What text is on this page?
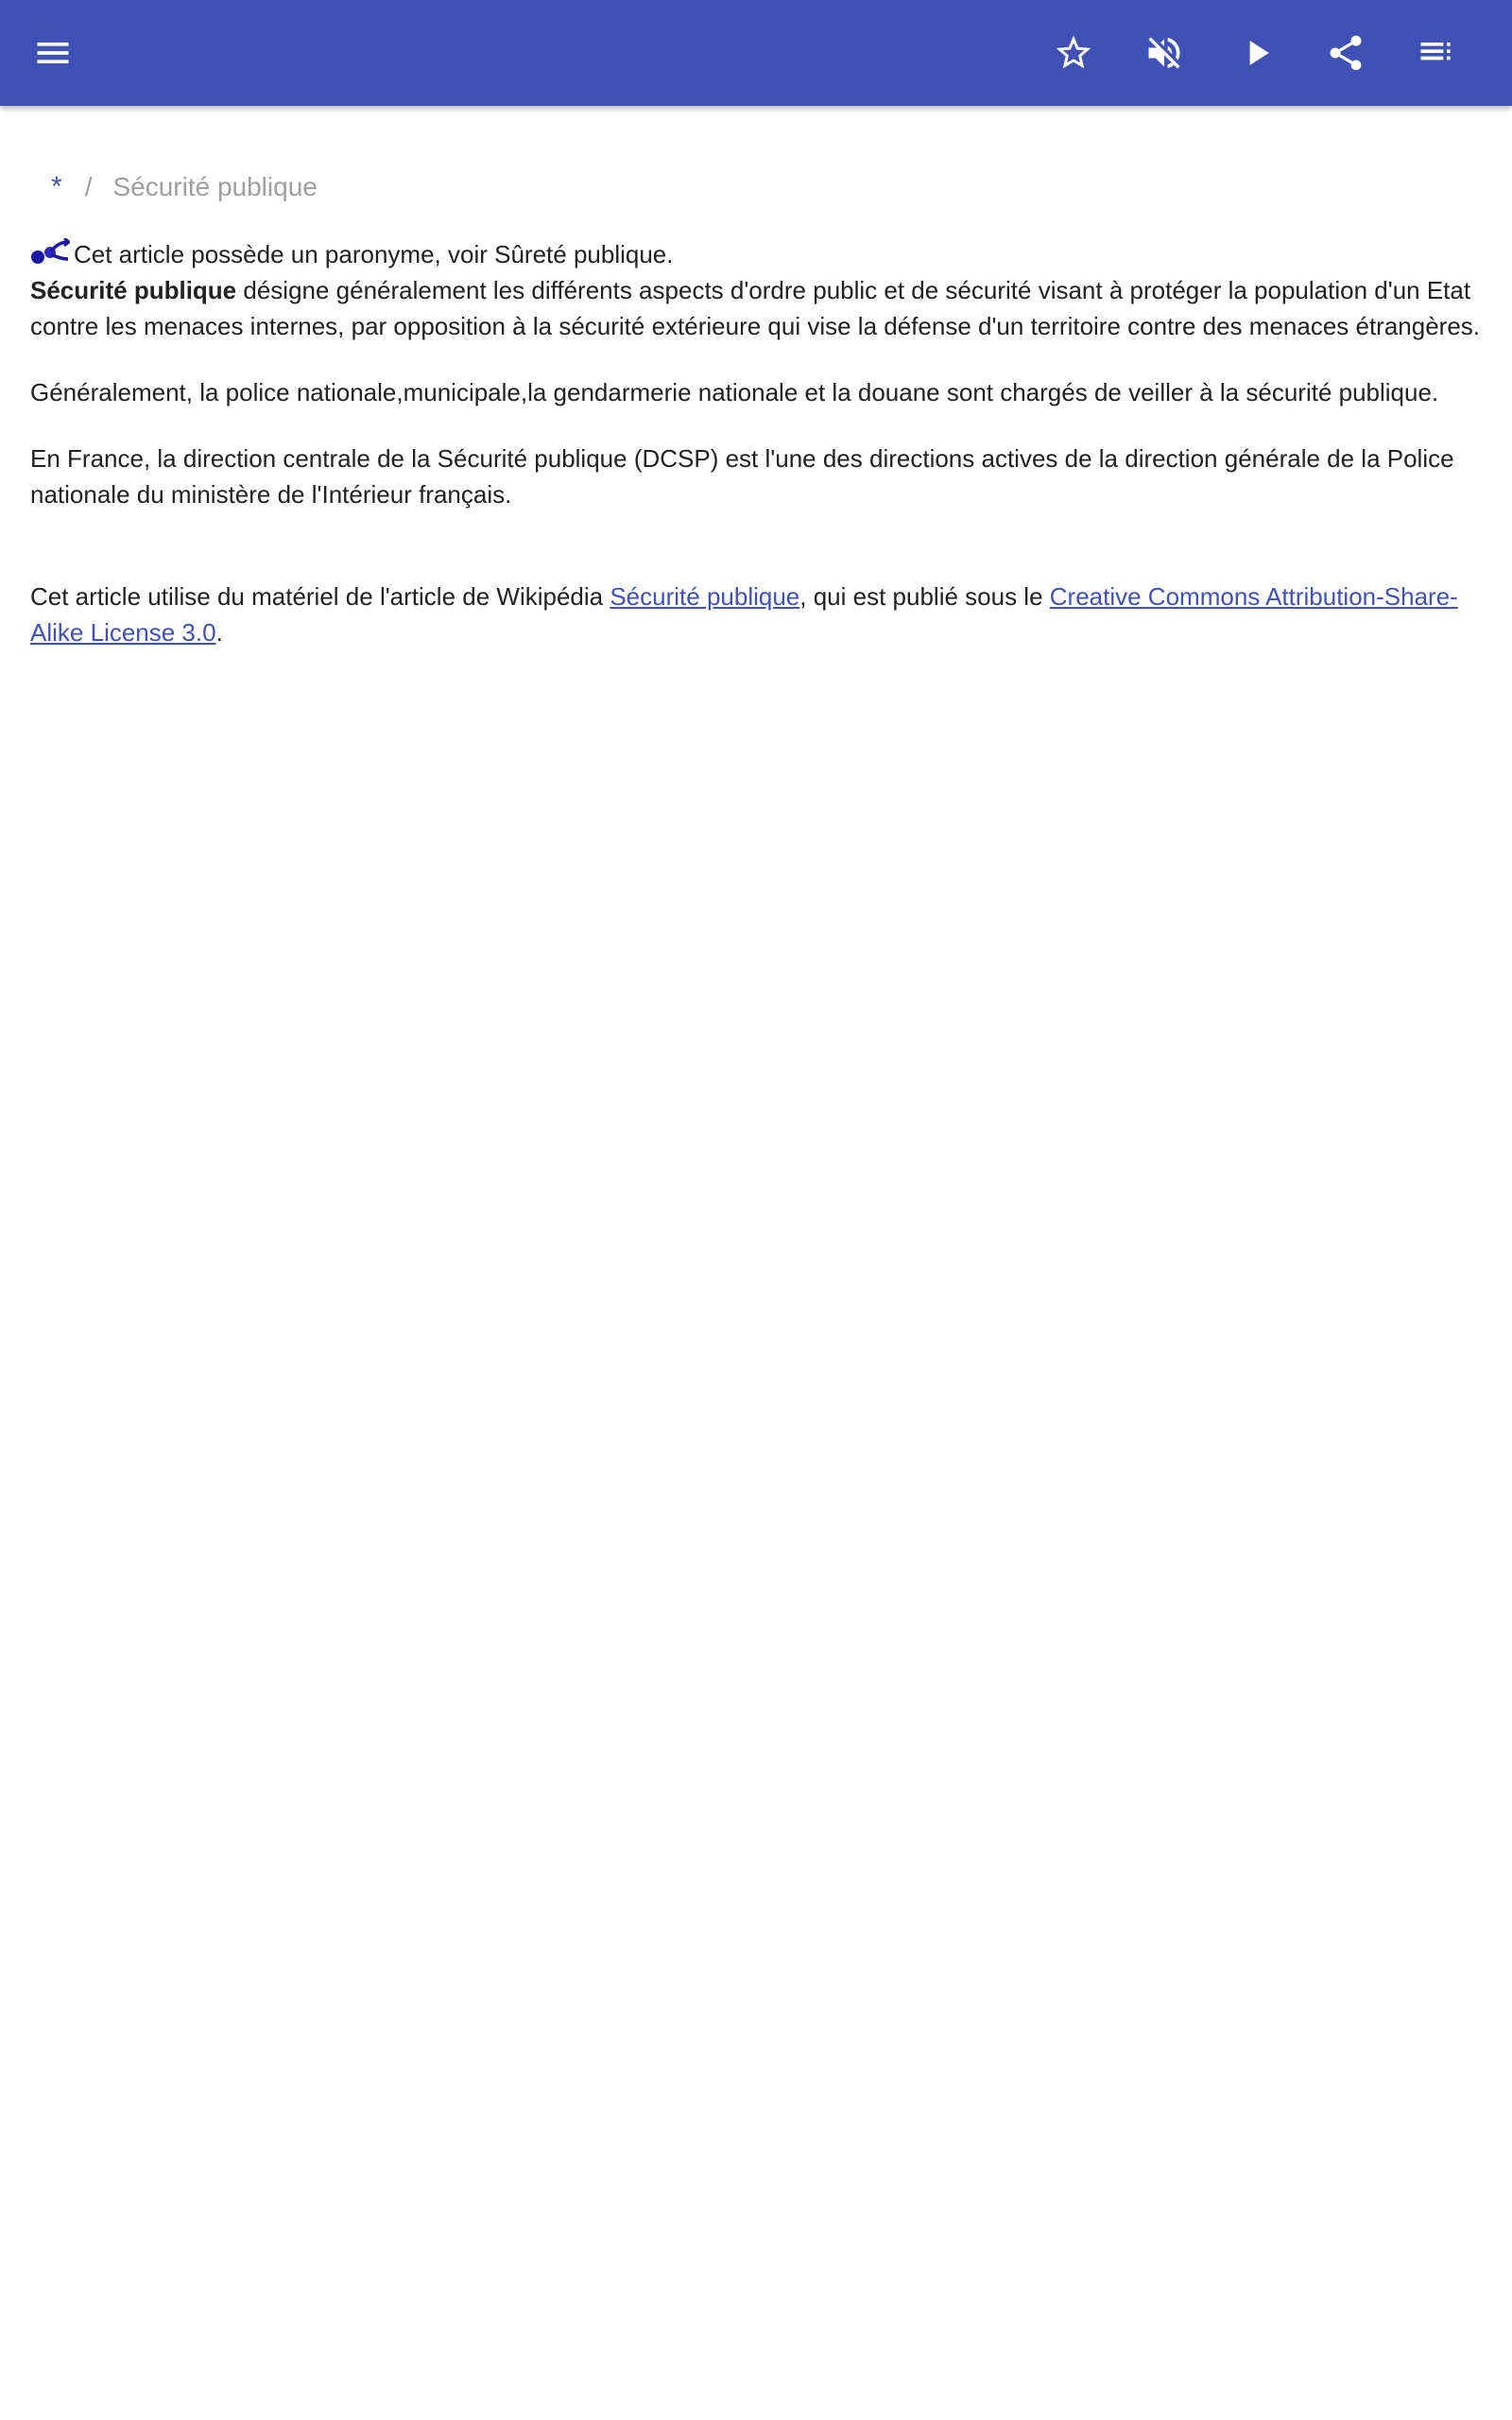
* / Sécurité publique
Cet article possède un paronyme, voir Sûreté publique.

Sécurité publique désigne généralement les différents aspects d'ordre public et de sécurité visant à protéger la population d'un Etat contre les menaces internes, par opposition à la sécurité extérieure qui vise la défense d'un territoire contre des menaces étrangères.

Généralement, la police nationale,municipale,la gendarmerie nationale et la douane sont chargés de veiller à la sécurité publique.

En France, la direction centrale de la Sécurité publique (DCSP) est l'une des directions actives de la direction générale de la Police nationale du ministère de l'Intérieur français.

Cet article utilise du matériel de l'article de Wikipédia Sécurité publique, qui est publié sous le Creative Commons Attribution-Share-Alike License 3.0.
